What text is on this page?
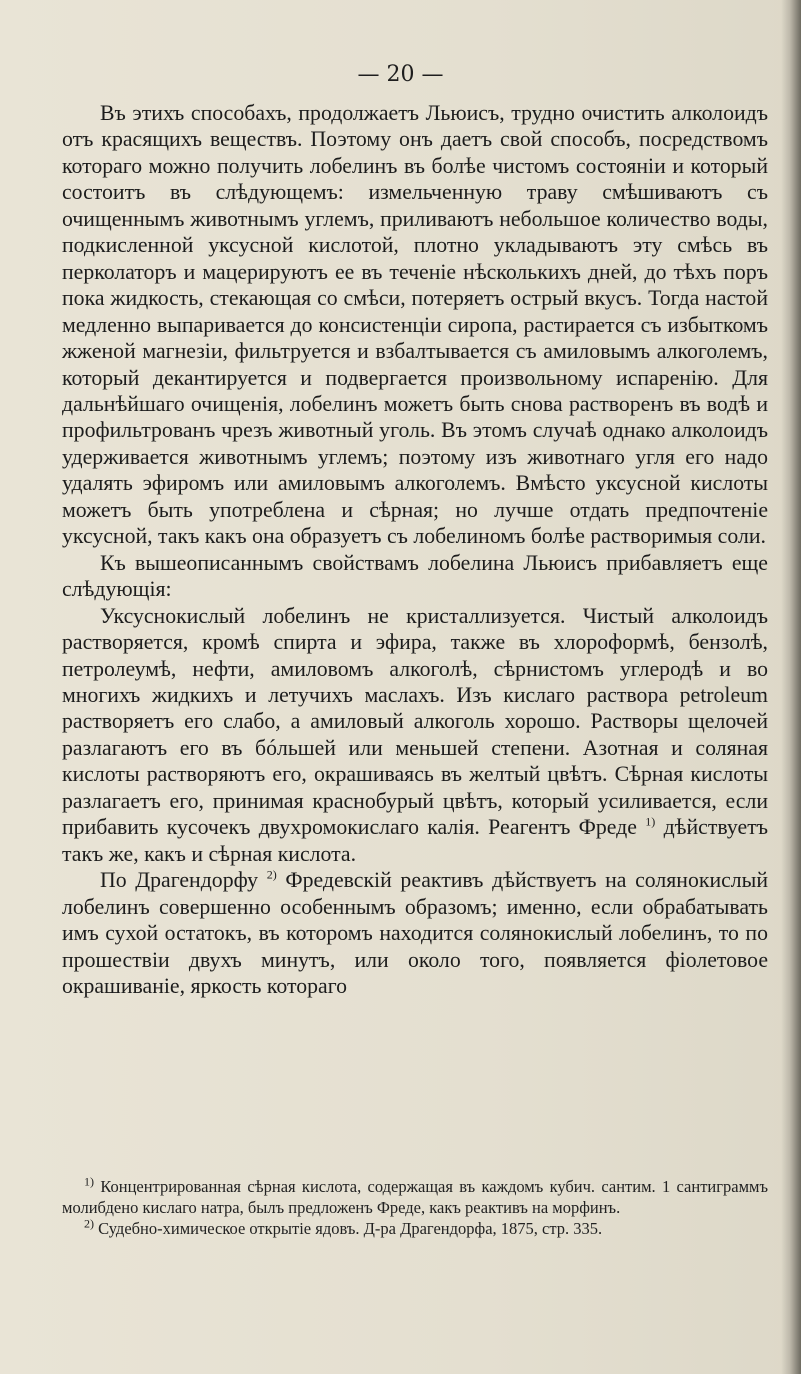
— 20 —

Въ этихъ способахъ, продолжаетъ Льюисъ, трудно очистить алколоидъ отъ красящихъ веществъ. Поэтому онъ даетъ свой способъ, посредствомъ котораго можно получить лобелинъ въ болѣе чистомъ состояніи и который состоитъ въ слѣдующемъ: измельченную траву смѣшиваютъ съ очищеннымъ животнымъ углемъ, приливаютъ небольшое количество воды, подкисленной уксусной кислотой, плотно укладываютъ эту смѣсь въ перколаторъ и мацерируютъ ее въ теченіе нѣсколькихъ дней, до тѣхъ поръ пока жидкость, стекающая со смѣси, потеряетъ острый вкусъ. Тогда настой медленно выпаривается до консистенціи сиропа, растирается съ избыткомъ жженой магнезіи, фильтруется и взбалтывается съ амиловымъ алкоголемъ, который декантируется и подвергается произвольному испаренію. Для дальнѣйшаго очищенія, лобелинъ можетъ быть снова растворенъ въ водѣ и профильтрованъ чрезъ животный уголь. Въ этомъ случаѣ однако алколоидъ удерживается животнымъ углемъ; поэтому изъ животнаго угля его надо удалять эфиромъ или амиловымъ алкоголемъ. Вмѣсто уксусной кислоты можетъ быть употреблена и сѣрная; но лучше отдать предпочтеніе уксусной, такъ какъ она образуетъ съ лобелиномъ болѣе растворимыя соли.

Къ вышеописаннымъ свойствамъ лобелина Льюисъ прибавляетъ еще слѣдующія:

Уксуснокислый лобелинъ не кристаллизуется. Чистый алколоидъ растворяется, кромѣ спирта и эфира, также въ хлороформѣ, бензолѣ, петролеумѣ, нефти, амиловомъ алкоголѣ, сѣрнистомъ углеродѣ и во многихъ жидкихъ и летучихъ маслахъ. Изъ кислаго раствора petroleum растворяетъ его слабо, а амиловый алкоголь хорошо. Растворы щелочей разлагаютъ его въ бóльшей или меньшей степени. Азотная и соляная кислоты растворяютъ его, окрашиваясь въ желтый цвѣтъ. Сѣрная кислоты разлагаетъ его, принимая краснобурый цвѣтъ, который усиливается, если прибавить кусочекъ двухромокислаго калія. Реагентъ Фреде $^{1)}$ дѣйствуетъ такъ же, какъ и сѣрная кислота.

По Драгендорфу $^{2)}$ Фредевскій реактивъ дѣйствуетъ на солянокислый лобелинъ совершенно особеннымъ образомъ; именно, если обрабатывать имъ сухой остатокъ, въ которомъ находится солянокислый лобелинъ, то по прошествіи двухъ минутъ, или около того, появляется фіолетовое окрашиваніе, яркость котораго

$^{1)}$ Концентрированная сѣрная кислота, содержащая въ каждомъ кубич. сантим. 1 сантиграммъ молибдено кислаго натра, былъ предложенъ Фреде, какъ реактивъ на морфинъ.

$^{2)}$ Судебно-химическое открытіе ядовъ. Д-ра Драгендорфа, 1875, стр. 335.
